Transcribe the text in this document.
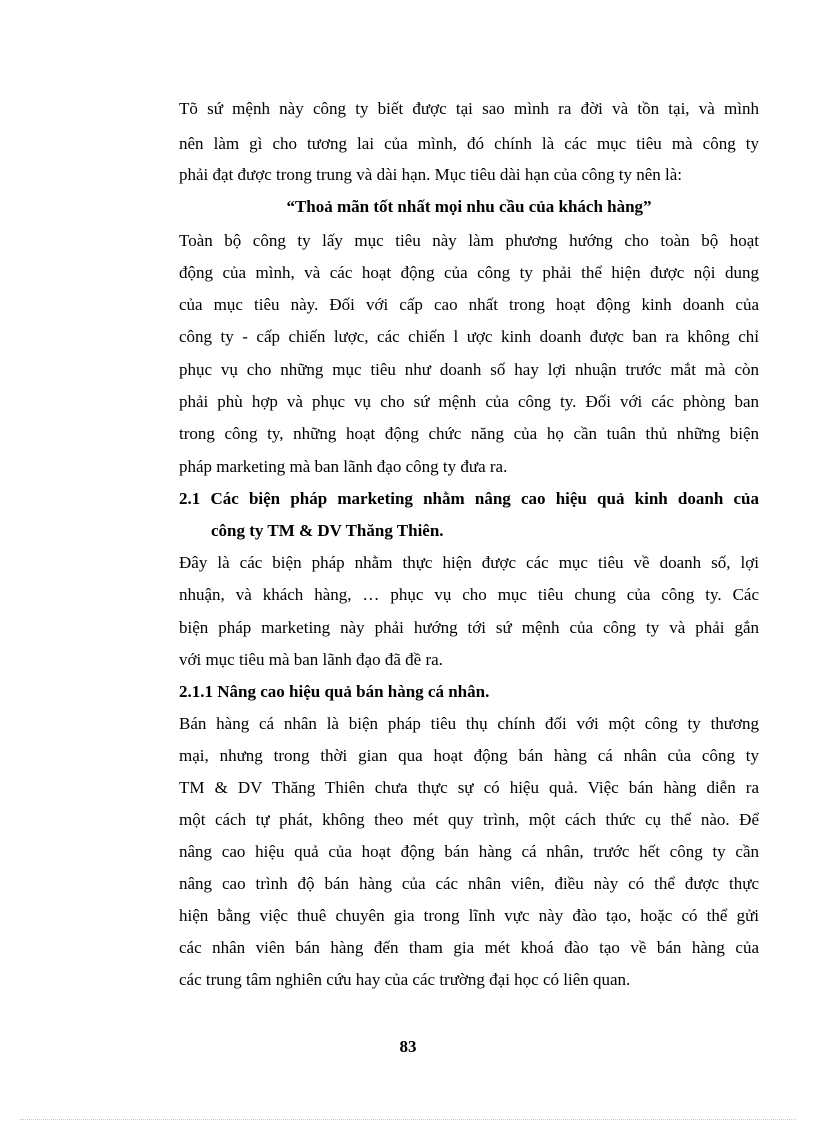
Tõ sứ mệnh này công ty biết được tại sao mình ra đời và tồn tại, và mình
nên làm gì cho tương lai của mình, đó chính là các mục tiêu mà công ty
phải đạt được trong trung và dài hạn. Mục tiêu dài hạn của công ty nên là:
“Thoả mãn tốt nhất mọi nhu cầu của khách hàng”
Toàn bộ công ty lấy mục tiêu này làm phương hướng cho toàn bộ hoạt
động của mình, và các hoạt động của công ty phải thể hiện được nội dung
của mục tiêu này. Đối với cấp cao nhất trong hoạt động kinh doanh của
công ty - cấp chiến lược, các chiến l ược kinh doanh được ban ra không chỉ
phục vụ cho những mục tiêu như doanh số hay lợi nhuận trước mắt mà còn
phải phù hợp và phục vụ cho sứ mệnh của công ty. Đối với các phòng ban
trong công ty, những hoạt động chức năng của họ cần tuân thủ những biện
pháp marketing mà ban lãnh đạo công ty đưa ra.
2.1 Các biện pháp marketing nhằm nâng cao hiệu quả kinh doanh của
công ty TM & DV Thăng Thiên.
Đây là các biện pháp nhằm thực hiện được các mục tiêu về doanh số, lợi
nhuận, và khách hàng, … phục vụ cho mục tiêu chung của công ty. Các
biện pháp marketing này phải hướng tới sứ mệnh của công ty và phải gắn
với mục tiêu mà ban lãnh đạo đã đề ra.
2.1.1 Nâng cao hiệu quả bán hàng cá nhân.
Bán hàng cá nhân là biện pháp tiêu thụ chính đối với một công ty thương
mại, nhưng trong thời gian qua hoạt động bán hàng cá nhân của công ty
TM & DV Thăng Thiên chưa thực sự có hiệu quả. Việc bán hàng diễn ra
một cách tự phát, không theo mét quy trình, một cách thức cụ thể nào. Để
nâng cao hiệu quả của hoạt động bán hàng cá nhân, trước hết công ty cần
nâng cao trình độ bán hàng của các nhân viên, điều này có thể được thực
hiện bằng việc thuê chuyên gia trong lĩnh vực này đào tạo, hoặc có thể gửi
các nhân viên bán hàng đến tham gia mét khoá đào tạo về bán hàng của
các trung tâm nghiên cứu hay của các trường đại học có liên quan.
83
